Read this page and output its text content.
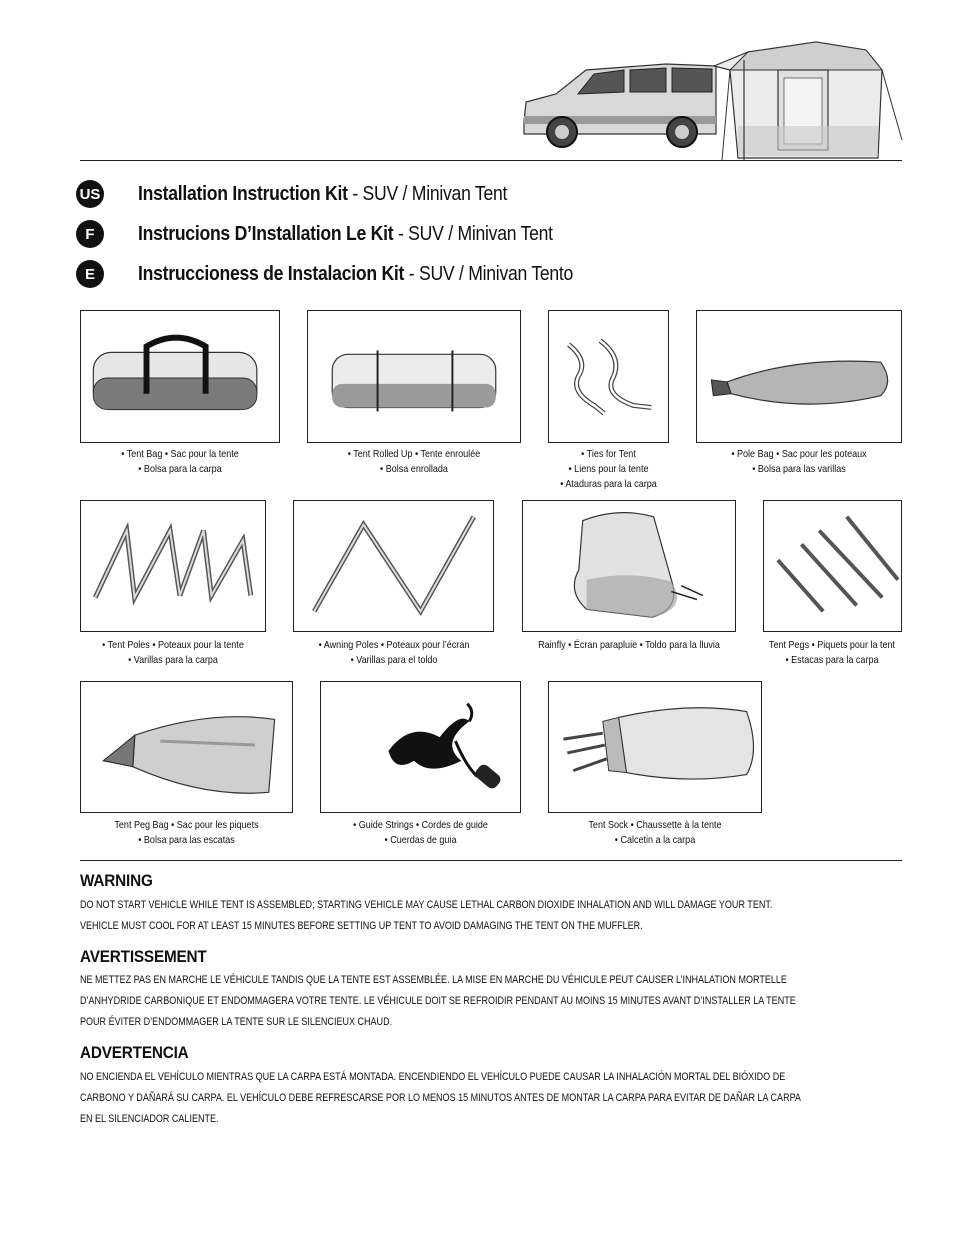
US Installation Instruction Kit - SUV / Minivan Tent
F	Instrucions D’Installation Le Kit - SUV / Minivan Tent
E	Instruccioness de Instalacion Kit - SUV / Minivan Tento
• Tent Bag • Sac pour la tente
• Bolsa para la carpa
• Tent Rolled Up • Tente enroulée
• Bolsa enrollada
• Ties for Tent
• Liens pour la tente
• Ataduras para la carpa
• Pole Bag • Sac pour les poteaux
• Bolsa para las varillas
• Tent Poles • Poteaux pour la tente
• Varillas para la carpa
• Awning Poles • Poteaux pour l’écran
• Varillas para el toldo
Rainfly • Écran parapluie • Toldo para la lluvia	Tent Pegs • Piquets pour la tent
• Estacas para la carpa
Tent Peg Bag • Sac pour les piquets
• Bolsa para las escatas
• Guide Strings • Cordes de guide
• Cuerdas de guia
Tent Sock • Chaussette à la tente
• Calcetin a la carpa
WARNING
DO NOT START VEHICLE WHILE TENT IS ASSEMBLED; STARTING VEHICLE MAY CAUSE LETHAL CARBON DIOXIDE INHALATION AND WILL DAMAGE YOUR TENT. VEHICLE MUST COOL FOR AT LEAST 15 MINUTES BEFORE SETTING UP TENT TO AVOID DAMAGING THE TENT ON THE MUFFLER.
AVERTISSEMENT
NE METTEZ PAS EN MARCHE LE VÉHICULE TANDIS QUE LA TENTE EST ASSEMBLÉE. LA MISE EN MARCHE DU VÉHICULE PEUT CAUSER L’INHALATION MORTELLE D’ANHYDRIDE CARBONIQUE ET ENDOMMAGERA VOTRE TENTE. LE VÉHICULE DOIT SE REFROIDIR PENDANT AU MOINS 15 MINUTES AVANT D’INSTALLER LA TENTE POUR ÉVITER D’ENDOMMAGER LA TENTE SUR LE SILENCIEUX CHAUD.
ADVERTENCIA
NO ENCIENDA EL VEHÍCULO MIENTRAS QUE LA CARPA ESTÁ MONTADA. ENCENDIENDO EL VEHÍCULO PUEDE CAUSAR LA INHALACIÓN MORTAL DEL BIÓXIDO DE CARBONO Y DAÑARÁ SU CARPA. EL VEHÍCULO DEBE REFRESCARSE POR LO MENOS 15 MINUTOS ANTES DE MONTAR LA CARPA PARA EVITAR DE DAÑAR LA CARPA EN EL SILENCIADOR CALIENTE.
